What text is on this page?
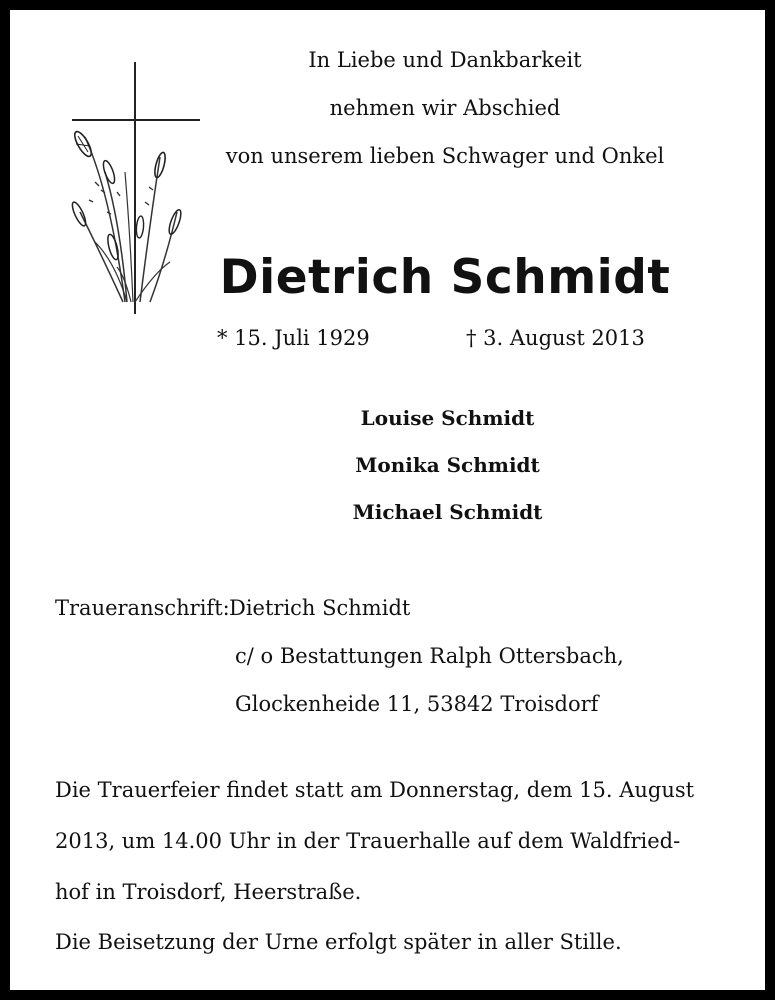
In Liebe und Dankbarkeit
nehmen wir Abschied
von unserem lieben Schwager und Onkel
Dietrich Schmidt
* 15. Juli 1929	† 3. August 2013
Louise Schmidt
Monika Schmidt
Michael Schmidt
Traueranschrift: Dietrich Schmidt
c/ o Bestattungen Ralph Ottersbach,
Glockenheide 11, 53842 Troisdorf
Die Trauerfeier findet statt am Donnerstag, dem 15. August
2013, um 14.00 Uhr in der Trauerhalle auf dem Waldfried-
hof in Troisdorf, Heerstraße.
Die Beisetzung der Urne erfolgt später in aller Stille.
